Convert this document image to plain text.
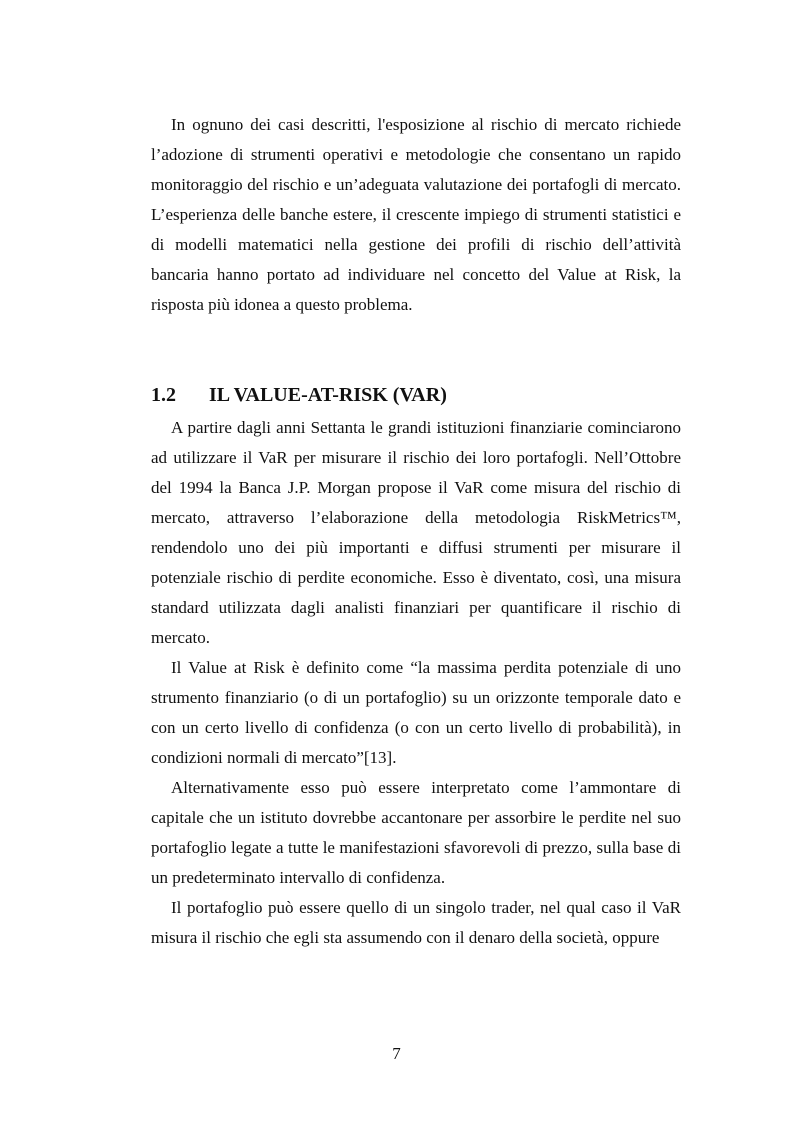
In ognuno dei casi descritti, l'esposizione al rischio di mercato richiede l’adozione di strumenti operativi e metodologie che consentano un rapido monitoraggio del rischio e un’adeguata valutazione dei portafogli di mercato. L’esperienza delle banche estere, il crescente impiego di strumenti statistici e di modelli matematici nella gestione dei profili di rischio dell’attività bancaria hanno portato ad individuare nel concetto del Value at Risk, la risposta più idonea a questo problema.

1.2 IL VALUE-AT-RISK (VAR)

A partire dagli anni Settanta le grandi istituzioni finanziarie cominciarono ad utilizzare il VaR per misurare il rischio dei loro portafogli. Nell’Ottobre del 1994 la Banca J.P. Morgan propose il VaR come misura del rischio di mercato, attraverso l’elaborazione della metodologia RiskMetrics™, rendendolo uno dei più importanti e diffusi strumenti per misurare il potenziale rischio di perdite economiche. Esso è diventato, così, una misura standard utilizzata dagli analisti finanziari per quantificare il rischio di mercato.

Il Value at Risk è definito come “la massima perdita potenziale di uno strumento finanziario (o di un portafoglio) su un orizzonte temporale dato e con un certo livello di confidenza (o con un certo livello di probabilità), in condizioni normali di mercato”[13].

Alternativamente esso può essere interpretato come l’ammontare di capitale che un istituto dovrebbe accantonare per assorbire le perdite nel suo portafoglio legate a tutte le manifestazioni sfavorevoli di prezzo, sulla base di un predeterminato intervallo di confidenza.

Il portafoglio può essere quello di un singolo trader, nel qual caso il VaR misura il rischio che egli sta assumendo con il denaro della società, oppure

7
